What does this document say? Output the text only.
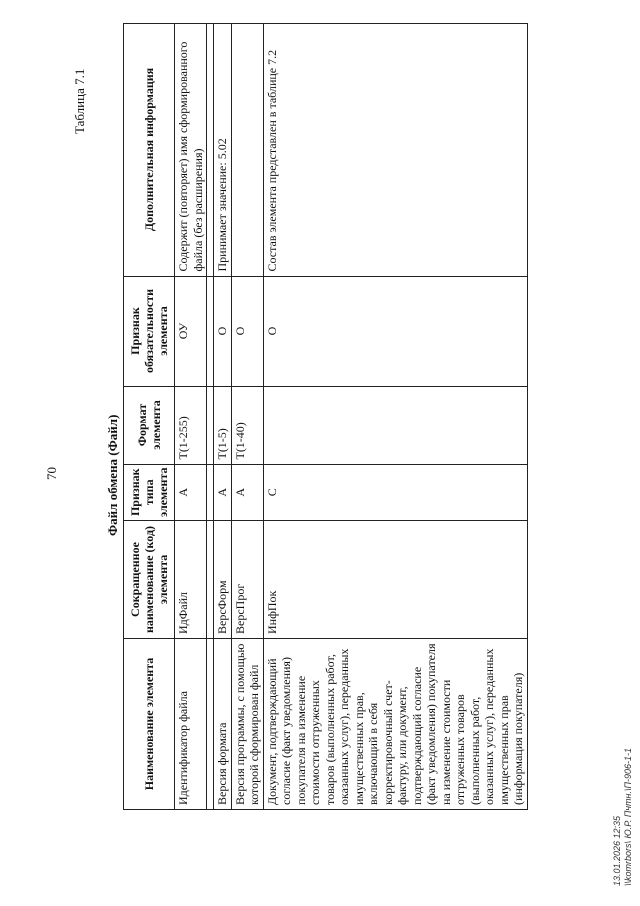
70
Таблица 7.1
Файл обмена (Файл)
Наименование элемента	Сокращенное наименование (код) элемента	Признак типа элемента	Формат элемента	Признак обязательности элемента	Дополнительная информация
Идентификатор файла	ИдФайл	А	T(1-255)	ОУ	Содержит (повторяет) имя сформированного файла (без расширения)

Версия формата	ВерсФорм	А	T(1-5)	О	Принимает значение: 5.02
Версия программы, с помощью которой сформирован файл	ВерсПрог	А	T(1-40)	О	
Документ, подтверждающий согласие (факт уведомления) покупателя на изменение стоимости отгруженных товаров (выполненных работ, оказанных услуг), переданных имущественных прав, включающий в себя корректировочный счет-фактуру, или документ, подтверждающий согласие (факт уведомления) покупателя на изменение стоимости отгруженных товаров (выполненных работ, оказанных услуг), переданных имущественных прав (информация покупателя)	ИнфПок	С		О	Состав элемента представлен в таблице 7.2
13.01.2026 12:35 \\komrbors\ Ю.Р. Пчтн.\П-906-1-1
